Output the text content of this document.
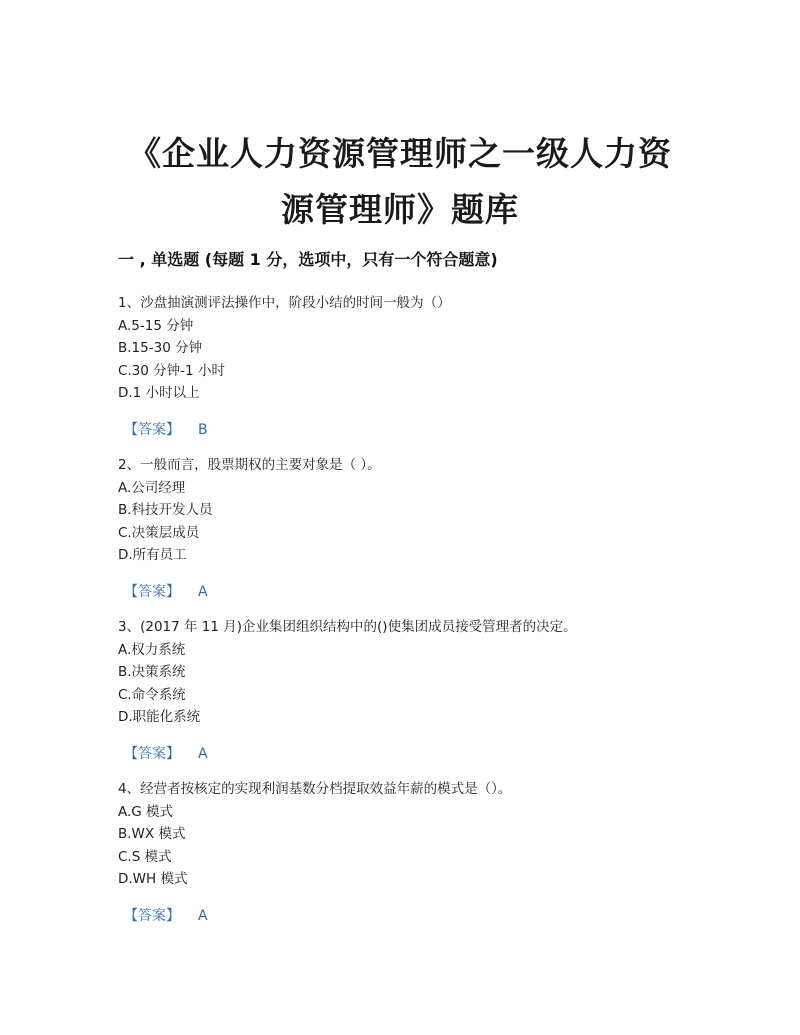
《企业人力资源管理师之一级人力资
源管理师》题库
一 , 单选题 (每题 1 分，选项中，只有一个符合题意)
1、沙盘抽演测评法操作中，阶段小结的时间一般为（）
A.5-15 分钟
B.15-30 分钟
C.30 分钟-1 小时
D.1 小时以上
【答案】 B
2、一般而言，股票期权的主要对象是（ ）。
A.公司经理
B.科技开发人员
C.决策层成员
D.所有员工
【答案】 A
3、(2017 年 11 月)企业集团组织结构中的()使集团成员接受管理者的决定。
A.权力系统
B.决策系统
C.命令系统
D.职能化系统
【答案】 A
4、经营者按核定的实现利润基数分档提取效益年薪的模式是（）。
A.G 模式
B.WX 模式
C.S 模式
D.WH 模式
【答案】 A
